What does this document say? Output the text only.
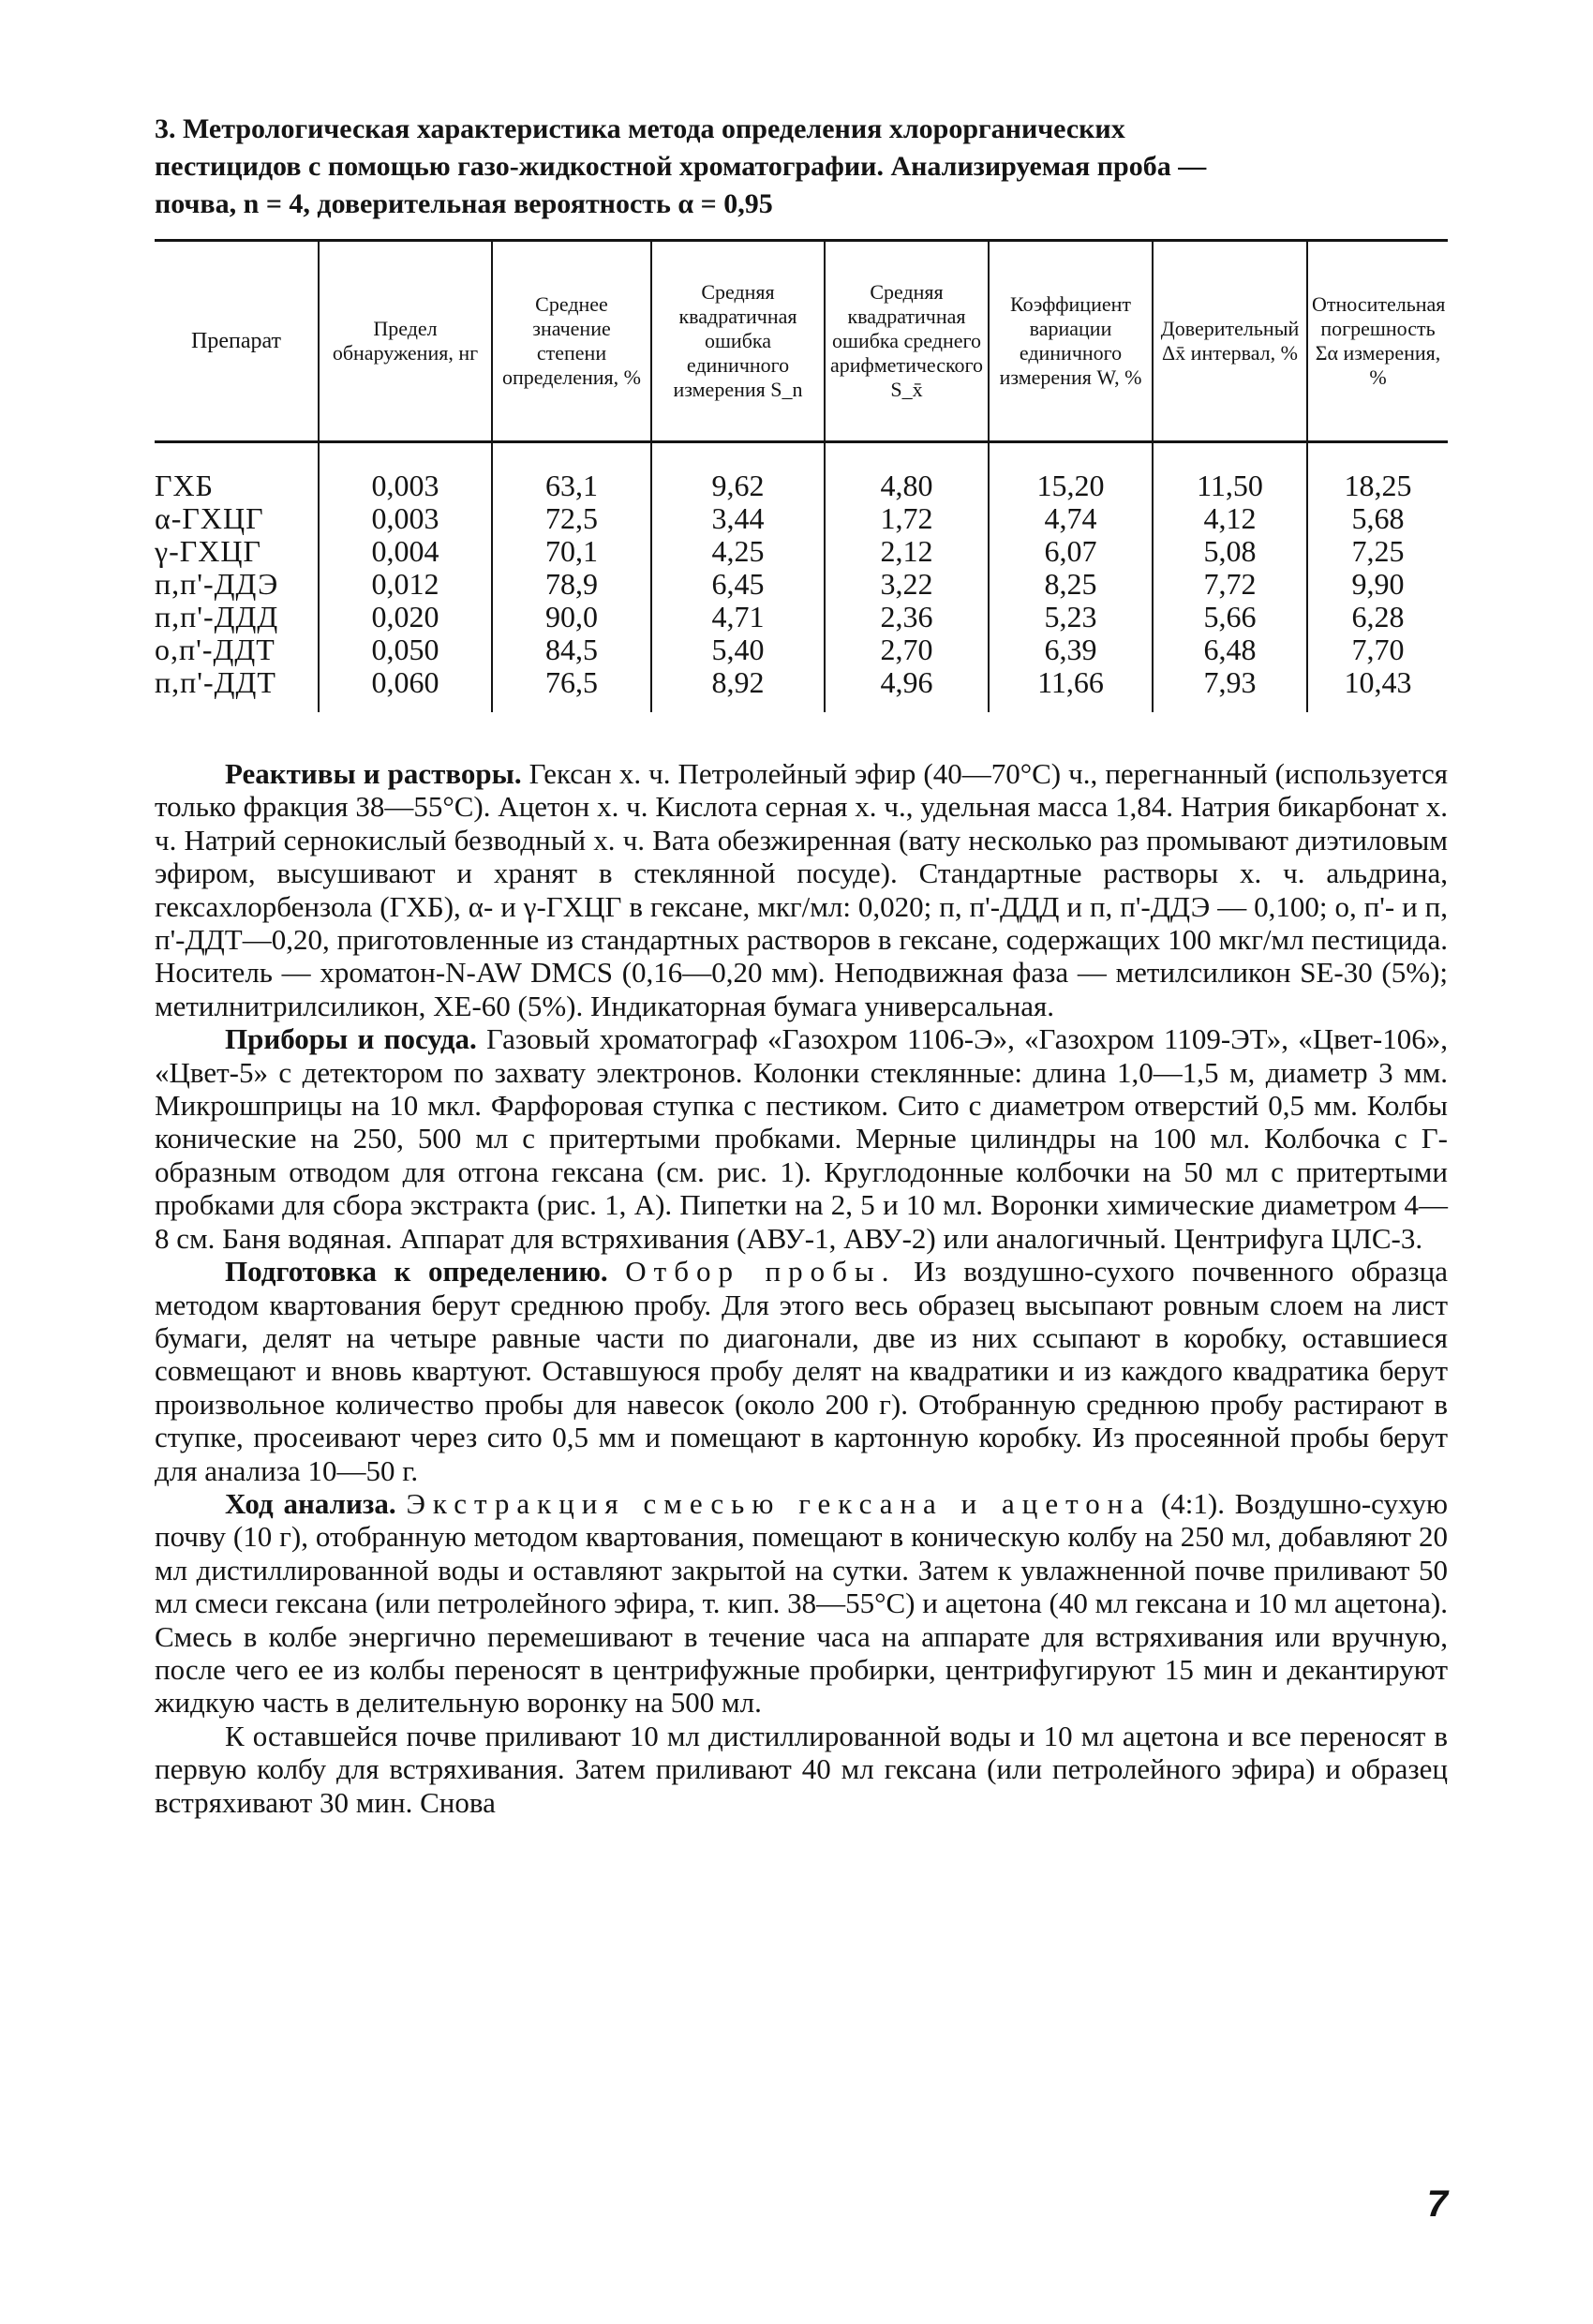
3. Метрологическая характеристика метода определения хлорорганических
пестицидов с помощью газо-жидкостной хроматографии. Анализируемая проба —
почва, n = 4, доверительная вероятность α = 0,95
Препарат	Предел обнаружения, нг	Среднее значение степени определения, %	Средняя квадратичная ошибка единичного измерения S_n	Средняя квадратичная ошибка среднего арифметического S_x̄	Коэффициент вариации единичного измерения W, %	Доверительный Δx̄ интервал, %	Относительная погрешность Σα измерения, %
ГХБ	0,003	63,1	9,62	4,80	15,20	11,50	18,25
α-ГХЦГ	0,003	72,5	3,44	1,72	4,74	4,12	5,68
γ-ГХЦГ	0,004	70,1	4,25	2,12	6,07	5,08	7,25
п,п'-ДДЭ	0,012	78,9	6,45	3,22	8,25	7,72	9,90
п,п'-ДДД	0,020	90,0	4,71	2,36	5,23	5,66	6,28
о,п'-ДДТ	0,050	84,5	5,40	2,70	6,39	6,48	7,70
п,п'-ДДТ	0,060	76,5	8,92	4,96	11,66	7,93	10,43

Реактивы и растворы. Гексан х. ч. Петролейный эфир (40—70°С) ч., перегнанный (используется только фракция 38—55°С). Ацетон х. ч. Кислота серная х. ч., удельная масса 1,84. Натрия бикарбонат х. ч. Натрий сернокислый безводный х. ч. Вата обезжиренная (вату несколько раз промывают диэтиловым эфиром, высушивают и хранят в стеклянной посуде). Стандартные растворы х. ч. альдрина, гексахлорбензола (ГХБ), α- и γ-ГХЦГ в гексане, мкг/мл: 0,020; п, п'-ДДД и п, п'-ДДЭ — 0,100; о, п'- и п, п'-ДДТ—0,20, приготовленные из стандартных растворов в гексане, содержащих 100 мкг/мл пестицида. Носитель — хроматон-N-AW DMCS (0,16—0,20 мм). Неподвижная фаза — метилсиликон SE-30 (5%); метилнитрилсиликон, XE-60 (5%). Индикаторная бумага универсальная.

Приборы и посуда. Газовый хроматограф «Газохром 1106-Э», «Газохром 1109-ЭТ», «Цвет-106», «Цвет-5» с детектором по захвату электронов. Колонки стеклянные: длина 1,0—1,5 м, диаметр 3 мм. Микрошприцы на 10 мкл. Фарфоровая ступка с пестиком. Сито с диаметром отверстий 0,5 мм. Колбы конические на 250, 500 мл с притертыми пробками. Мерные цилиндры на 100 мл. Колбочка с Г-образным отводом для отгона гексана (см. рис. 1). Круглодонные колбочки на 50 мл с притертыми пробками для сбора экстракта (рис. 1, А). Пипетки на 2, 5 и 10 мл. Воронки химические диаметром 4—8 см. Баня водяная. Аппарат для встряхивания (АВУ-1, АВУ-2) или аналогичный. Центрифуга ЦЛС-3.

Подготовка к определению. Отбор пробы. Из воздушно-сухого почвенного образца методом квартования берут среднюю пробу. Для этого весь образец высыпают ровным слоем на лист бумаги, делят на четыре равные части по диагонали, две из них ссыпают в коробку, оставшиеся совмещают и вновь квартуют. Оставшуюся пробу делят на квадратики и из каждого квадратика берут произвольное количество пробы для навесок (около 200 г). Отобранную среднюю пробу растирают в ступке, просеивают через сито 0,5 мм и помещают в картонную коробку. Из просеянной пробы берут для анализа 10—50 г.

Ход анализа. Экстракция смесью гексана и ацетона (4:1). Воздушно-сухую почву (10 г), отобранную методом квартования, помещают в коническую колбу на 250 мл, добавляют 20 мл дистиллированной воды и оставляют закрытой на сутки. Затем к увлажненной почве приливают 50 мл смеси гексана (или петролейного эфира, т. кип. 38—55°С) и ацетона (40 мл гексана и 10 мл ацетона). Смесь в колбе энергично перемешивают в течение часа на аппарате для встряхивания или вручную, после чего ее из колбы переносят в центрифужные пробирки, центрифугируют 15 мин и декантируют жидкую часть в делительную воронку на 500 мл.

К оставшейся почве приливают 10 мл дистиллированной воды и 10 мл ацетона и все переносят в первую колбу для встряхивания. Затем приливают 40 мл гексана (или петролейного эфира) и образец встряхивают 30 мин. Снова

7
